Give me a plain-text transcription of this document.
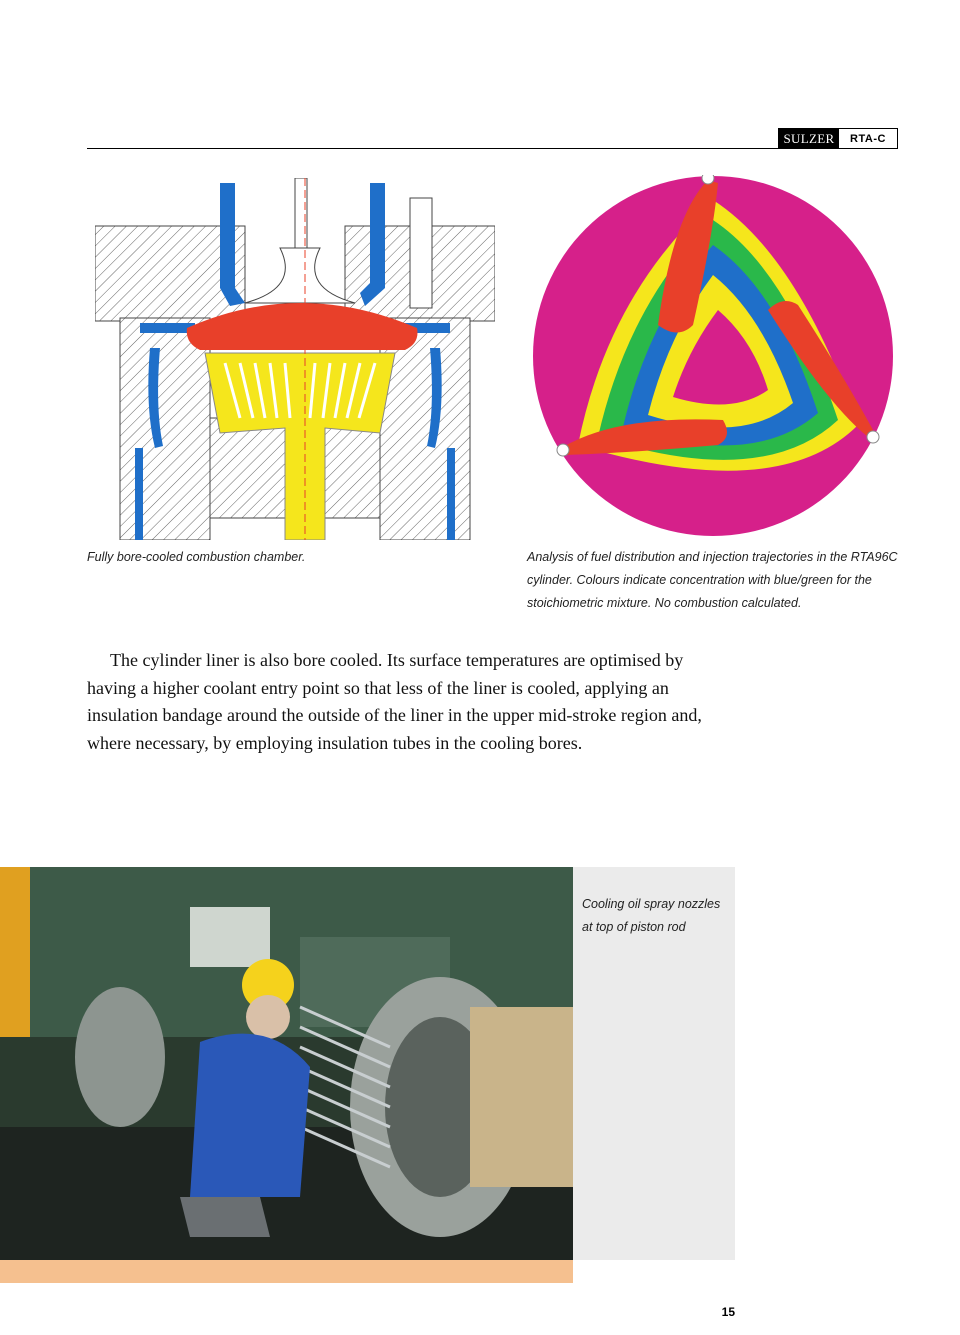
SULZER	RTA-C
Fully bore-cooled combustion chamber.	Analysis of fuel distribution and injection trajectories in the RTA96C cylinder. Colours indicate concentration with blue/green for the stoichiometric mixture. No combustion calculated.

The cylinder liner is also bore cooled. Its surface temperatures are optimised by having a higher coolant entry point so that less of the liner is cooled, applying an insulation bandage around the outside of the liner in the upper mid-stroke region and, where necessary, by employing insulation tubes in the cooling bores.

Cooling oil spray nozzles at top of piston rod
15
